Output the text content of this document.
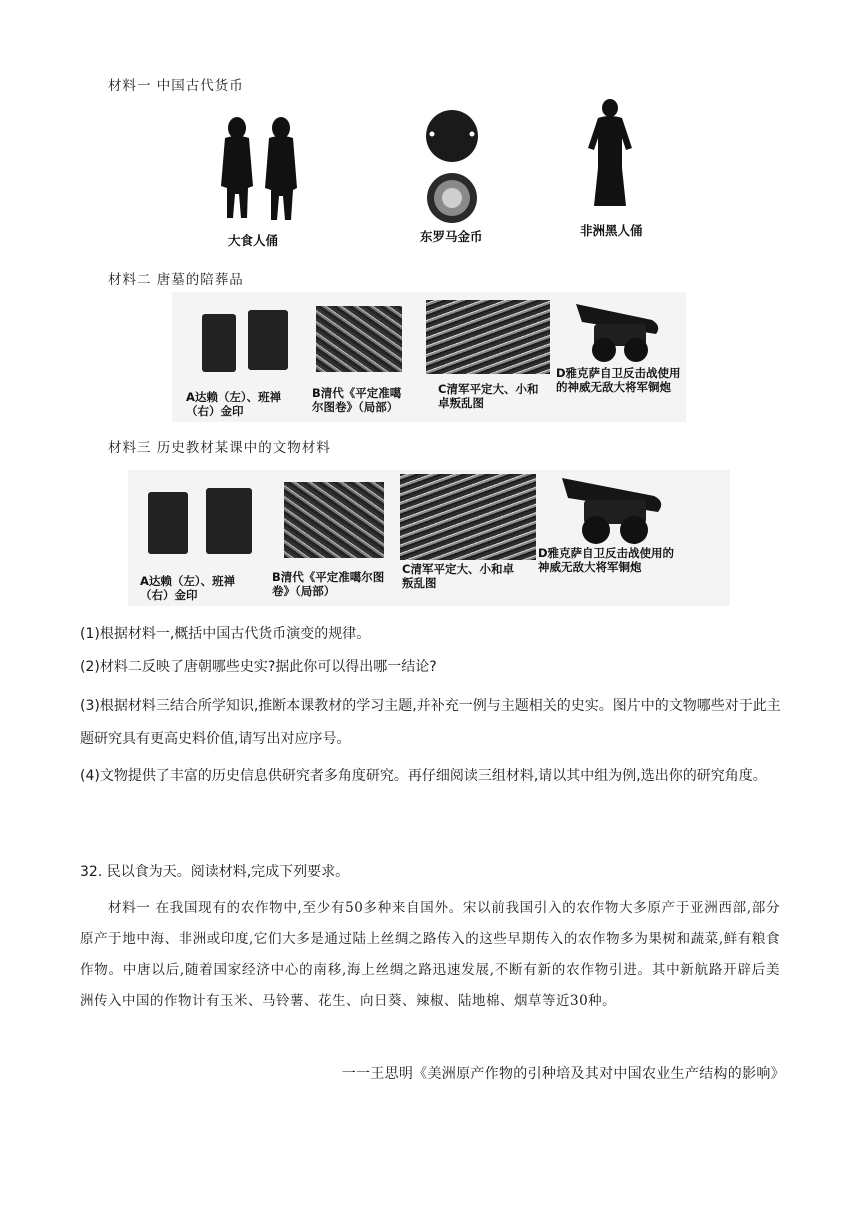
材料一 中国古代货币
大食人俑	东罗马金币	非洲黑人俑
材料二 唐墓的陪葬品
A达赖（左）、班禅（右）金印
B清代《平定准噶尔图卷》（局部）
C清军平定大、小和卓叛乱图
D雅克萨自卫反击战使用的神威无敌大将军铜炮
材料三 历史教材某课中的文物材料
A达赖（左）、班禅（右）金印
B清代《平定准噶尔图卷》（局部）
C清军平定大、小和卓叛乱图
D雅克萨自卫反击战使用的神威无敌大将军铜炮
(1)根据材料一,概括中国古代货币演变的规律。
(2)材料二反映了唐朝哪些史实?据此你可以得出哪一结论?
(3)根据材料三结合所学知识,推断本课教材的学习主题,并补充一例与主题相关的史实。图片中的文物哪些对于此主题研究具有更高史料价值,请写出对应序号。
(4)文物提供了丰富的历史信息供研究者多角度研究。再仔细阅读三组材料,请以其中组为例,选出你的研究角度。
32. 民以食为天。阅读材料,完成下列要求。
材料一 在我国现有的农作物中,至少有50多种来自国外。宋以前我国引入的农作物大多原产于亚洲西部,部分原产于地中海、非洲或印度,它们大多是通过陆上丝绸之路传入的这些早期传入的农作物多为果树和蔬菜,鲜有粮食作物。中唐以后,随着国家经济中心的南移,海上丝绸之路迅速发展,不断有新的农作物引进。其中新航路开辟后美洲传入中国的作物计有玉米、马铃薯、花生、向日葵、辣椒、陆地棉、烟草等近30种。
一一王思明《美洲原产作物的引种培及其对中国农业生产结构的影响》
